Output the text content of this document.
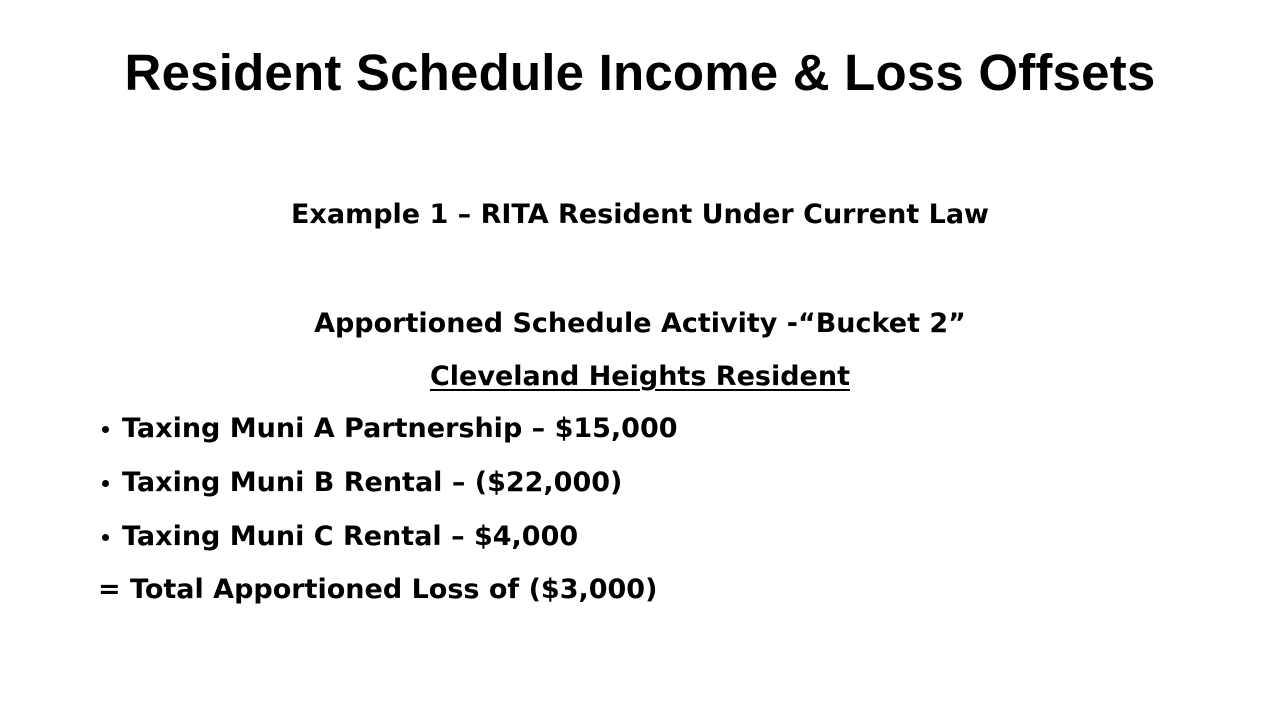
Resident Schedule Income & Loss Offsets

Example 1 – RITA Resident Under Current Law

Apportioned Schedule Activity -“Bucket 2”

Cleveland Heights Resident

Taxing Muni A Partnership – $15,000
Taxing Muni B Rental – ($22,000)
Taxing Muni C Rental – $4,000

= Total Apportioned Loss of ($3,000)
